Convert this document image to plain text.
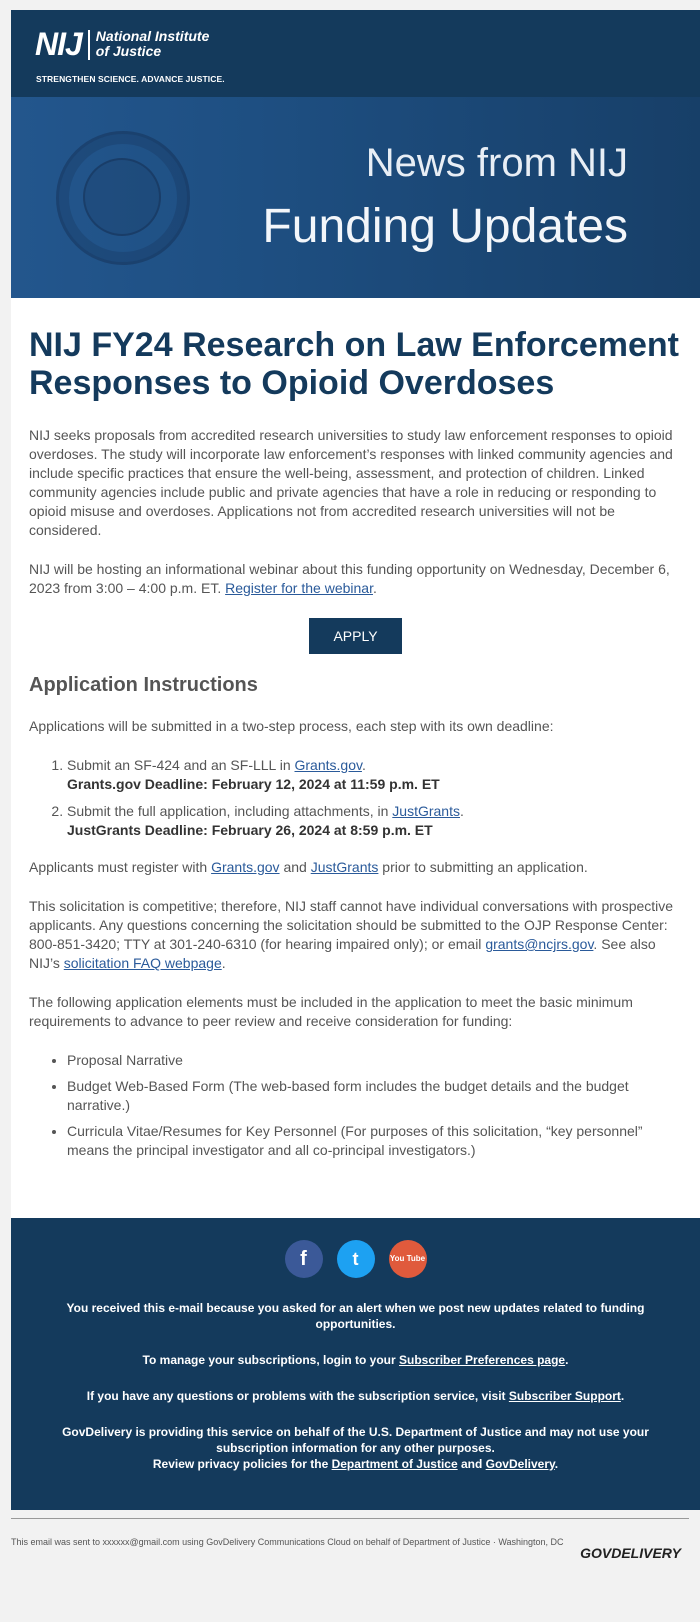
NIJ National Institute
of Justice
STRENGTHEN SCIENCE. ADVANCE JUSTICE.
News from NIJ
Funding Updates
NIJ FY24 Research on Law Enforcement Responses to Opioid Overdoses

NIJ seeks proposals from accredited research universities to study law enforcement responses to opioid overdoses. The study will incorporate law enforcement’s responses with linked community agencies and include specific practices that ensure the well-being, assessment, and protection of children. Linked community agencies include public and private agencies that have a role in reducing or responding to opioid misuse and overdoses. Applications not from accredited research universities will not be considered.

NIJ will be hosting an informational webinar about this funding opportunity on Wednesday, December 6, 2023 from 3:00 – 4:00 p.m. ET. Register for the webinar.

APPLY
Application Instructions

Applications will be submitted in a two-step process, each step with its own deadline:

1. Submit an SF-424 and an SF-LLL in Grants.gov.
Grants.gov Deadline: February 12, 2024 at 11:59 p.m. ET
2. Submit the full application, including attachments, in JustGrants.
JustGrants Deadline: February 26, 2024 at 8:59 p.m. ET

Applicants must register with Grants.gov and JustGrants prior to submitting an application.

This solicitation is competitive; therefore, NIJ staff cannot have individual conversations with prospective applicants. Any questions concerning the solicitation should be submitted to the OJP Response Center: 800-851-3420; TTY at 301-240-6310 (for hearing impaired only); or email grants@ncjrs.gov. See also NIJ’s solicitation FAQ webpage.

The following application elements must be included in the application to meet the basic minimum requirements to advance to peer review and receive consideration for funding:

• Proposal Narrative
• Budget Web-Based Form (The web-based form includes the budget details and the budget narrative.)
• Curricula Vitae/Resumes for Key Personnel (For purposes of this solicitation, “key personnel” means the principal investigator and all co-principal investigators.)
f	t	You Tube

You received this e-mail because you asked for an alert when we post new updates related to funding opportunities.

To manage your subscriptions, login to your Subscriber Preferences page.

If you have any questions or problems with the subscription service, visit Subscriber Support.

GovDelivery is providing this service on behalf of the U.S. Department of Justice and may not use your subscription information for any other purposes.
Review privacy policies for the Department of Justice and GovDelivery.

This email was sent to xxxxxx@gmail.com using GovDelivery Communications Cloud on behalf of Department of Justice · Washington, DC
GOVDELIVERY
